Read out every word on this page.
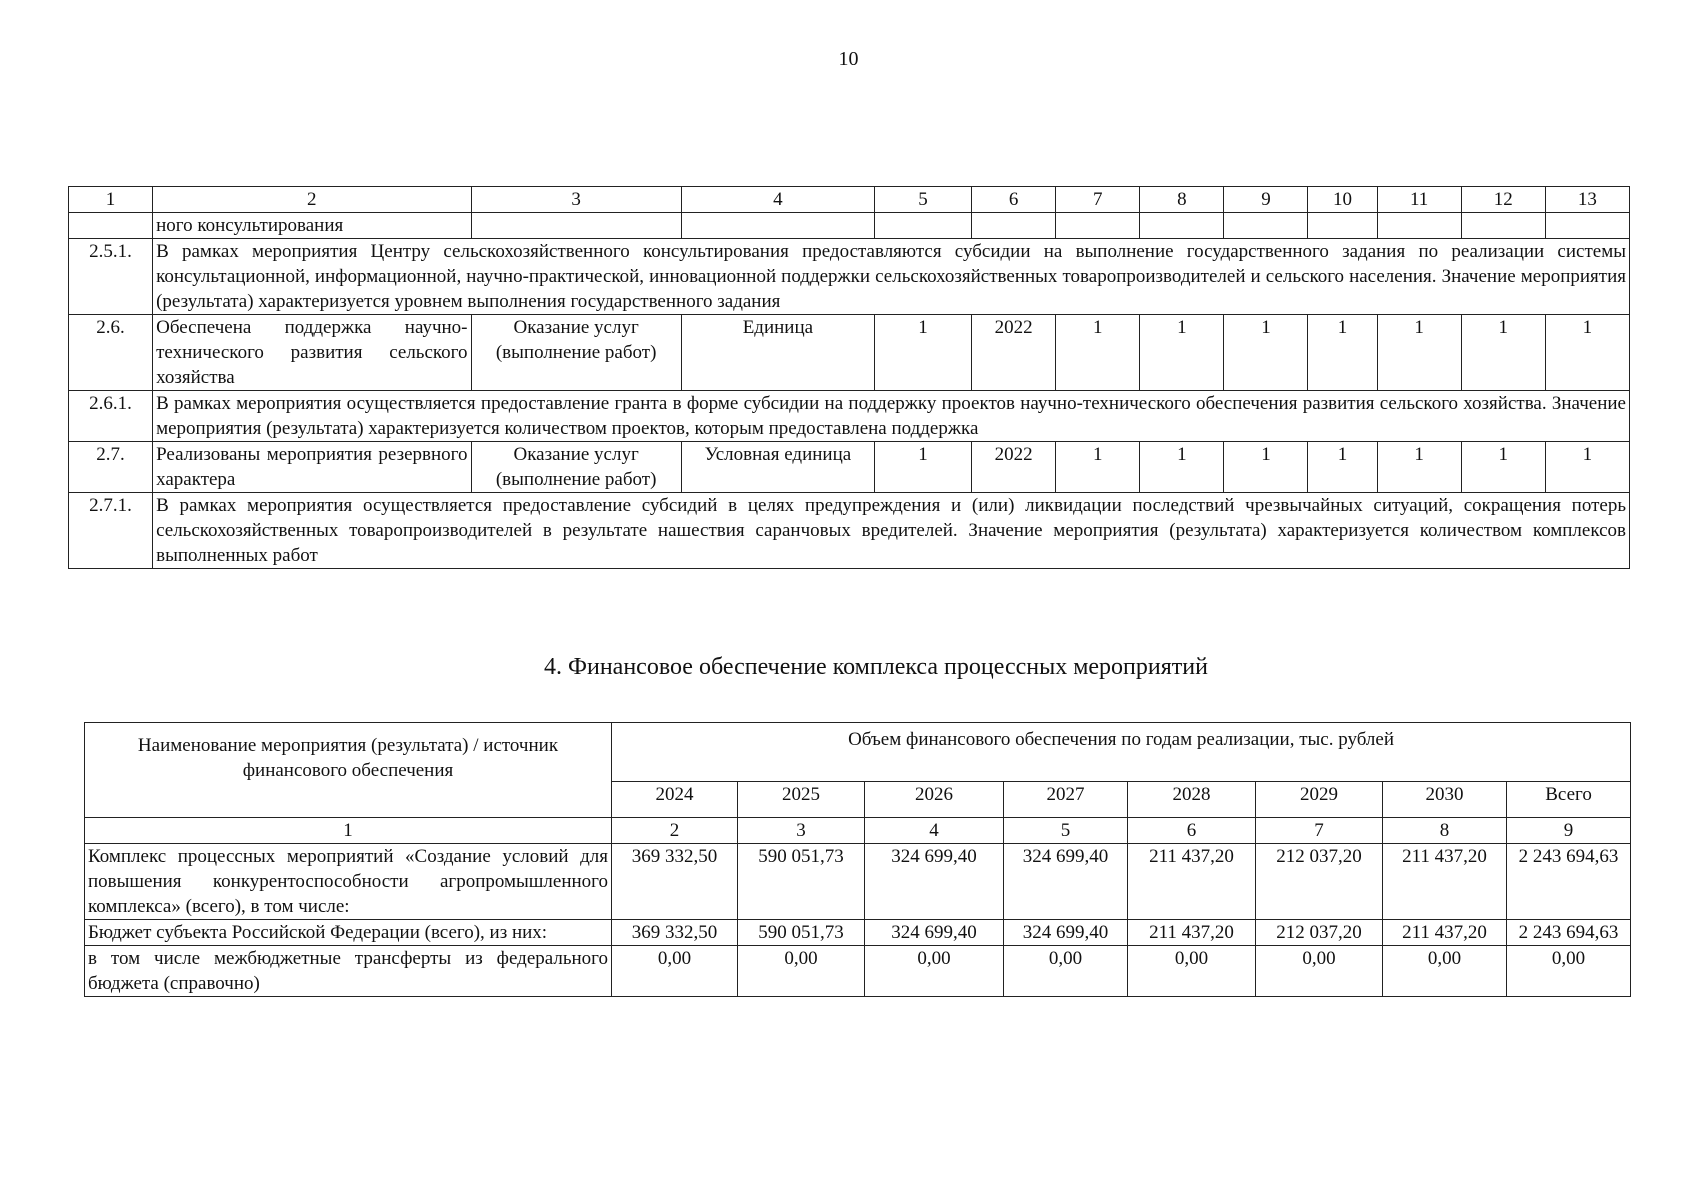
10
1	2	3	4	5	6	7	8	9	10	11	12	13
	ного консультирования											
2.5.1.	В рамках мероприятия Центру сельскохозяйственного консультирования предоставляются субсидии на выполнение государственного задания по реализации системы консультационной, информационной, научно-практической, инновационной поддержки сельскохозяйственных товаропроизводителей и сельского населения. Значение мероприятия (результата) характеризуется уровнем выполнения государственного задания											
2.6.	Обеспечена поддержка научно-технического развития сельского хозяйства	Оказание услуг (выполнение работ)	Единица	1	2022	1	1	1	1	1	1	1
2.6.1.	В рамках мероприятия осуществляется предоставление гранта в форме субсидии на поддержку проектов научно-технического обеспечения развития сельского хозяйства. Значение мероприятия (результата) характеризуется количеством проектов, которым предоставлена поддержка											
2.7.	Реализованы мероприятия резервного характера	Оказание услуг (выполнение работ)	Условная единица	1	2022	1	1	1	1	1	1	1
2.7.1.	В рамках мероприятия осуществляется предоставление субсидий в целях предупреждения и (или) ликвидации последствий чрезвычайных ситуаций, сокращения потерь сельскохозяйственных товаропроизводителей в результате нашествия саранчовых вредителей. Значение мероприятия (результата) характеризуется количеством комплексов выполненных работ											
4. Финансовое обеспечение комплекса процессных мероприятий
Наименование мероприятия (результата) / источник финансового обеспечения	Объем финансового обеспечения по годам реализации, тыс. рублей							
	2024	2025	2026	2027	2028	2029	2030	Всего
1	2	3	4	5	6	7	8	9
Комплекс процессных мероприятий «Создание условий для повышения конкурентоспособности агропромышленного комплекса» (всего), в том числе:	369 332,50	590 051,73	324 699,40	324 699,40	211 437,20	212 037,20	211 437,20	2 243 694,63
Бюджет субъекта Российской Федерации (всего), из них:	369 332,50	590 051,73	324 699,40	324 699,40	211 437,20	212 037,20	211 437,20	2 243 694,63
в том числе межбюджетные трансферты из федерального бюджета (справочно)	0,00	0,00	0,00	0,00	0,00	0,00	0,00	0,00
